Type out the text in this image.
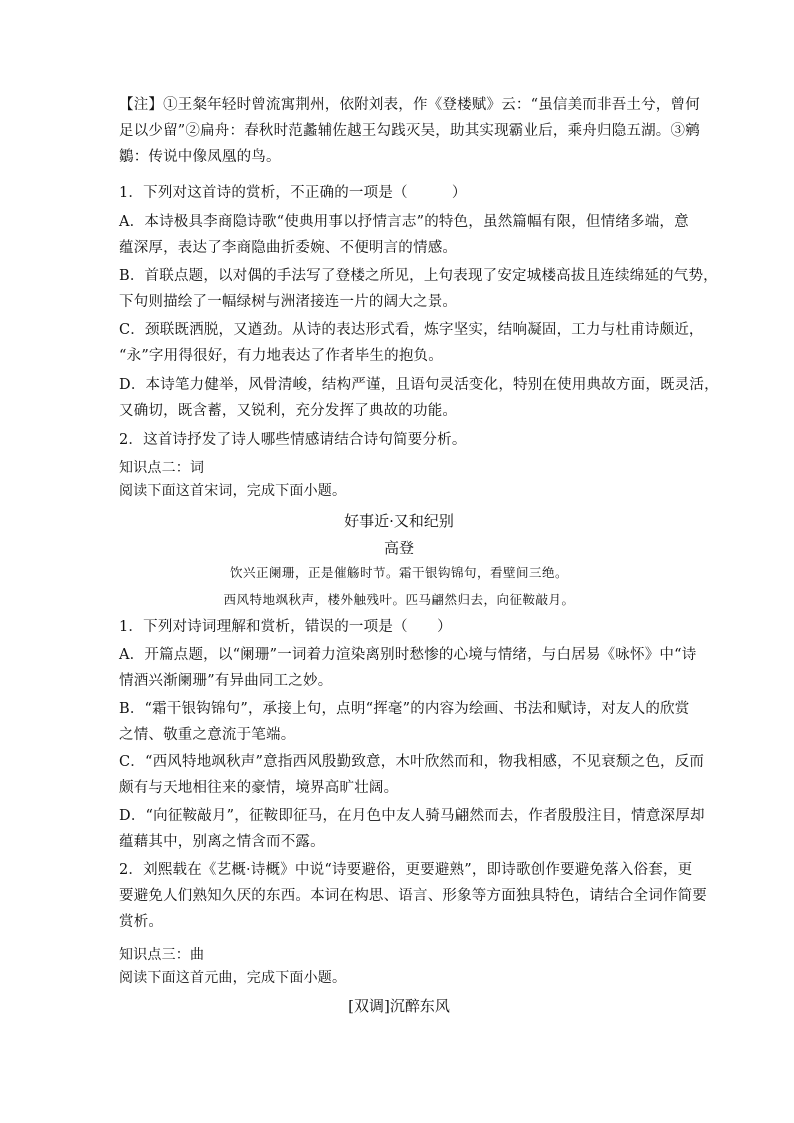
【注】①王粲年轻时曾流寓荆州，依附刘表，作《登楼赋》云：“虽信美而非吾土兮，曾何
足以少留”②扁舟：春秋时范蠡辅佐越王勾践灭吴，助其实现霸业后，乘舟归隐五湖。③鹓
鶵：传说中像凤凰的鸟。
1．下列对这首诗的赏析，不正确的一项是（　　　）
A．本诗极具李商隐诗歌“使典用事以抒情言志”的特色，虽然篇幅有限，但情绪多端，意
蕴深厚，表达了李商隐曲折委婉、不便明言的情感。
B．首联点题，以对偶的手法写了登楼之所见，上句表现了安定城楼高拔且连续绵延的气势，
下句则描绘了一幅绿树与洲渚接连一片的阔大之景。
C．颈联既洒脱，又遒劲。从诗的表达形式看，炼字坚实，结响凝固，工力与杜甫诗颇近，
“永”字用得很好，有力地表达了作者毕生的抱负。
D．本诗笔力健举，风骨清峻，结构严谨，且语句灵活变化，特别在使用典故方面，既灵活，
又确切，既含蓄，又锐利，充分发挥了典故的功能。
2．这首诗抒发了诗人哪些情感请结合诗句简要分析。
知识点二：词
阅读下面这首宋词，完成下面小题。
好事近·又和纪别
高登
饮兴正阑珊，正是催觞时节。霜干银钩锦句，看壁间三绝。
西风特地飒秋声，楼外触残叶。匹马翩然归去，向征鞍敲月。
1．下列对诗词理解和赏析，错误的一项是（　　）
A．开篇点题，以“阑珊”一词着力渲染离别时愁惨的心境与情绪，与白居易《咏怀》中“诗
情酒兴渐阑珊”有异曲同工之妙。
B．“霜干银钩锦句”，承接上句，点明“挥毫”的内容为绘画、书法和赋诗，对友人的欣赏
之情、敬重之意流于笔端。
C．“西风特地飒秋声”意指西风殷勤致意，木叶欣然而和，物我相感，不见衰颓之色，反而
颇有与天地相往来的豪情，境界高旷壮阔。
D．“向征鞍敲月”，征鞍即征马，在月色中友人骑马翩然而去，作者殷殷注目，情意深厚却
蕴藉其中，别离之情含而不露。
2．刘熙载在《艺概·诗概》中说“诗要避俗，更要避熟”，即诗歌创作要避免落入俗套，更
要避免人们熟知久厌的东西。本词在构思、语言、形象等方面独具特色，请结合全词作简要
赏析。
知识点三：曲
阅读下面这首元曲，完成下面小题。
[双调]沉醉东风
